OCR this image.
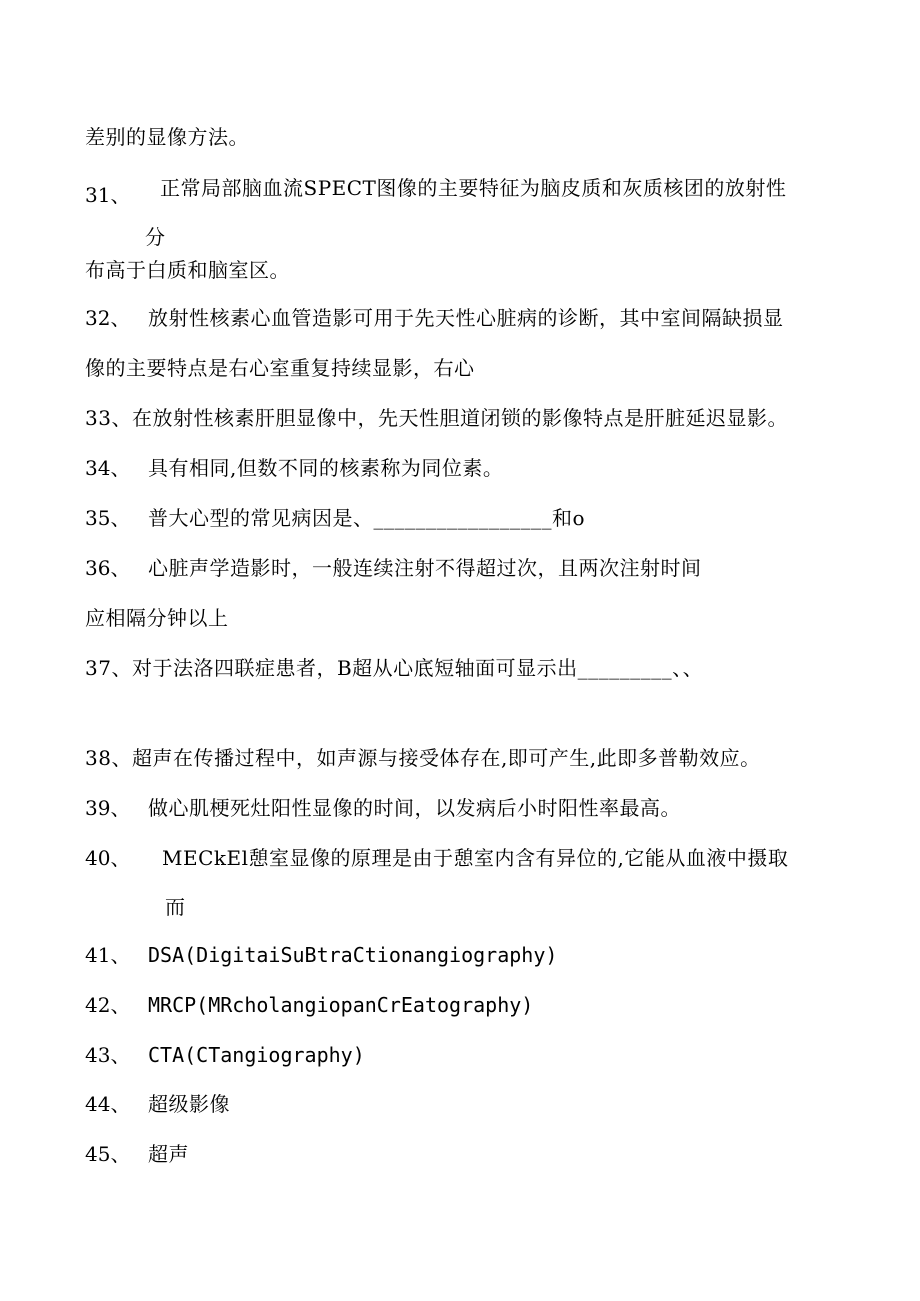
差别的显像方法。
31、 正常局部脑血流SPECT图像的主要特征为脑皮质和灰质核团的放射性
分
布高于白质和脑室区。
32、 放射性核素心血管造影可用于先天性心脏病的诊断，其中室间隔缺损显
像的主要特点是右心室重复持续显影，右心
33、在放射性核素肝胆显像中，先天性胆道闭锁的影像特点是肝脏延迟显影。
34、 具有相同,但数不同的核素称为同位素。
35、 普大心型的常见病因是、_________________和o
36、 心脏声学造影时，一般连续注射不得超过次，且两次注射时间
应相隔分钟以上
37、对于法洛四联症患者，B超从心底短轴面可显示出_________、、
38、超声在传播过程中，如声源与接受体存在,即可产生,此即多普勒效应。
39、 做心肌梗死灶阳性显像的时间，以发病后小时阳性率最高。
40、 MECkEl憩室显像的原理是由于憩室内含有异位的,它能从血液中摄取
而
41、 DSA(DigitaiSuBtraCtionangiography)
42、 MRCP(MRcholangiopanCrEatography)
43、 CTA(CTangiography)
44、 超级影像
45、 超声
